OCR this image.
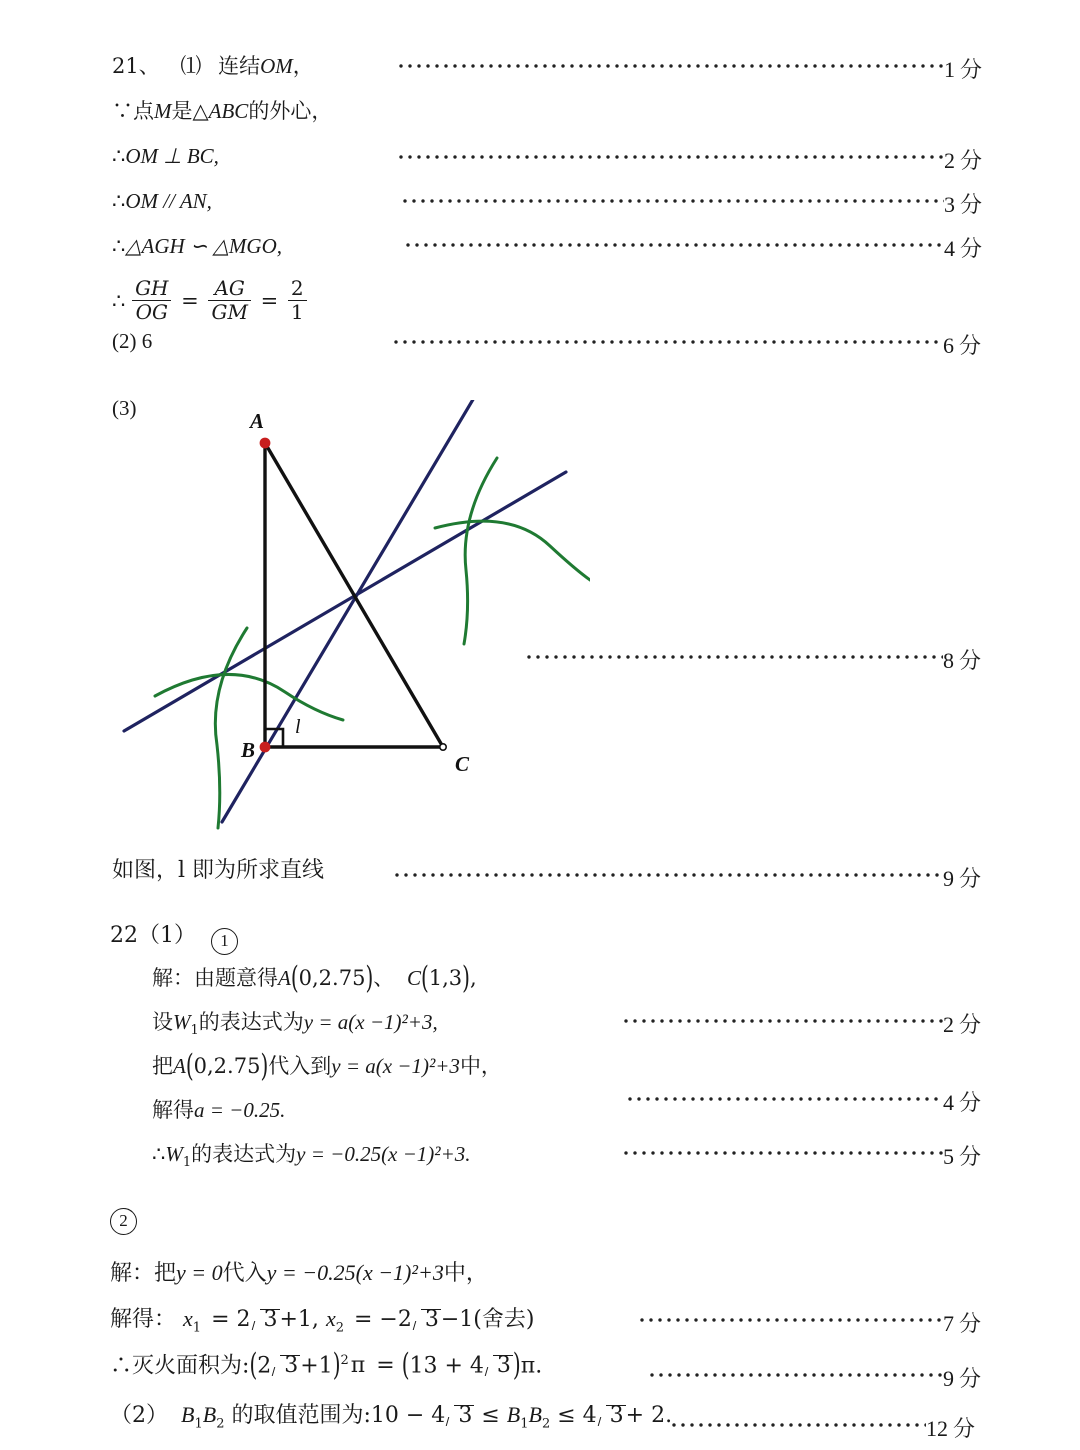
21、 ⑴ 连结OM，
∵点M是△ABC的外心，
∴OM ⊥ BC,
∴OM // AN,
∴△AGH ∽ △MGO,
∴ $\frac{GH}{OG} = \frac{AG}{GM} = \frac{2}{1}$
1 分
2 分
3 分
4 分
(2) 6	6 分
(3)
A
B
C
l
8 分
如图，l 即为所求直线	9 分
22（1） 1
解：由题意得A(0,2.75)、 C(1,3),
设$W_1$的表达式为y = a(x −1)²+3,
把A(0,2.75)代入到y = a(x −1)²+3中，
解得a = −0.25.
$\therefore W_1$的表达式为y = −0.25(x −1)²+3.
2 分
4 分
5 分
2
解：把y = 0代入y = −0.25(x −1)²+3中，
解得： $x_1 = 2$ 3+1, $x_2 = -2$ 3−1(舍去)
∴灭火面积为:(2 3+1)$^2$π = (13 + 4 3 )π.
（2） $B_1B_2$ 的取值范围为:10 − 4 $3 \le B_1B_2 \le 4$ 3+ 2.
7 分
9 分
12 分
